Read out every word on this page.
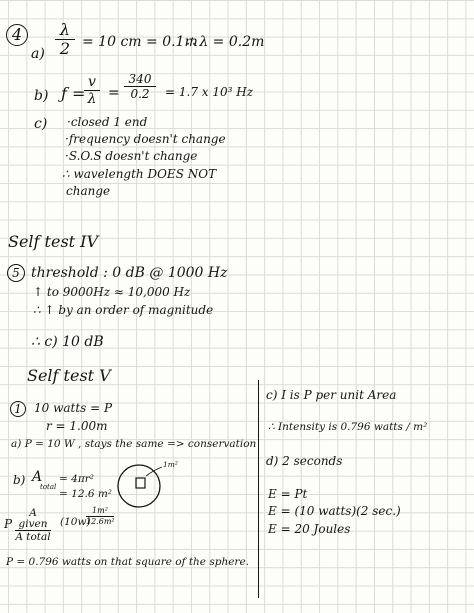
4
a)
λ
2 = 10 cm = 0.1m
∴ λ = 0.2m
b) ƒ =
v
λ =
340
0.2	= 1.7 x 10³ Hz
c) ·closed 1 end
·frequency doesn't change
·S.O.S doesn't change
∴ wavelength DOES NOT
change
Self test IV
5 threshold : 0 dB @ 1000 Hz
↑ to 9000Hz ≈ 10,000 Hz
∴ ↑ by an order of magnitude
∴ c) 10 dB
Self test V
1	10 watts = P
r = 1.00m
a) P = 10 W , stays the same => conservation
b) A
total
= 4πr²
= 12.6 m²
1m²
P
A given
A total
(10w)
1m²
12.6m²
P = 0.796 watts on that square of the sphere.
c) I is P per unit Area
∴ Intensity is 0.796 watts / m²
d) 2 seconds
E = Pt
E = (10 watts)(2 sec.)
E = 20 Joules
